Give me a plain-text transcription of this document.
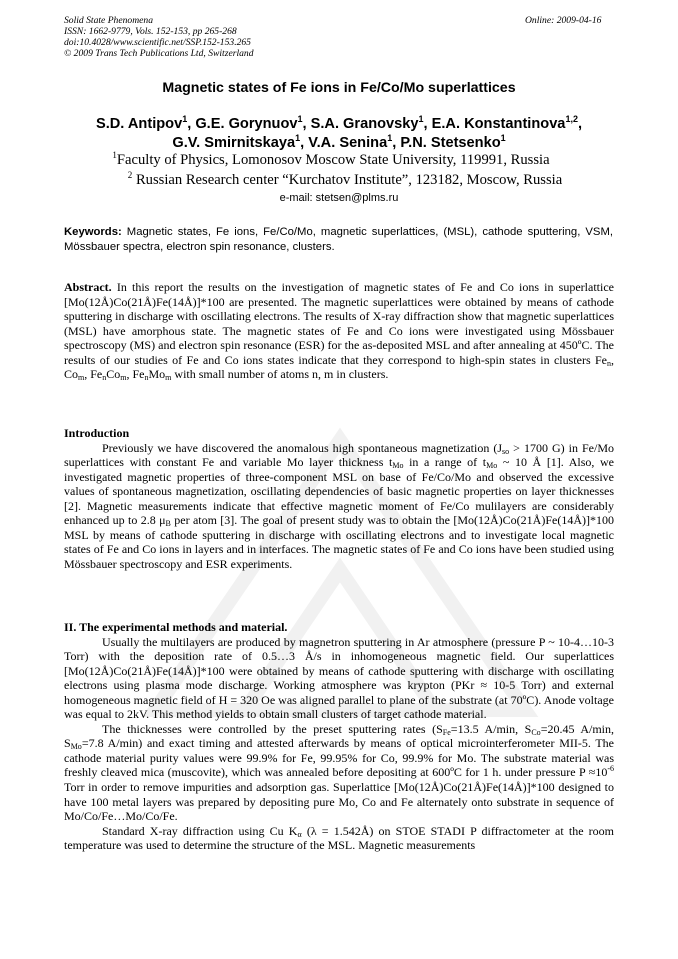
Solid State Phenomena
ISSN: 1662-9779, Vols. 152-153, pp 265-268
doi:10.4028/www.scientific.net/SSP.152-153.265
© 2009 Trans Tech Publications Ltd, Switzerland
Online: 2009-04-16
Magnetic states of Fe ions in Fe/Co/Mo superlattices
S.D. Antipov$^1$, G.E. Gorynuov$^1$, S.A. Granovsky$^1$, E.A. Konstantinova$^{1,2}$,
G.V. Smirnitskaya$^1$, V.A. Senina$^1$, P.N. Stetsenko$^1$
$^1$Faculty of Physics, Lomonosov Moscow State University, 119991, Russia
$^2$ Russian Research center “Kurchatov Institute”, 123182, Moscow, Russia
e-mail: stetsen@plms.ru
Keywords: Magnetic states, Fe ions, Fe/Co/Mo, magnetic superlattices, (MSL), cathode sputtering, VSM, Mössbauer spectra, electron spin resonance, clusters.

Abstract. In this report the results on the investigation of magnetic states of Fe and Co ions in superlattice [Mo(12Å)Co(21Å)Fe(14Å)]*100 are presented. The magnetic superlattices were obtained by means of cathode sputtering in discharge with oscillating electrons. The results of X-ray diffraction show that magnetic superlattices (MSL) have amorphous state. The magnetic states of Fe and Co ions were investigated using Mössbauer spectroscopy (MS) and electron spin resonance (ESR) for the as-deposited MSL and after annealing at 450ºC. The results of our studies of Fe and Co ions states indicate that they correspond to high-spin states in clusters $Fe_n$, $Co_m$, $Fe_nCo_m$, $Fe_nMo_m$ with small number of atoms n, m in clusters.

Introduction

Previously we have discovered the anomalous high spontaneous magnetization ($J_{so} > 1700$ G) in Fe/Mo superlattices with constant Fe and variable Mo layer thickness $t_{Mo}$ in a range of $t_{Mo}$ ~ 10 Å [1]. Also, we investigated magnetic properties of three-component MSL on base of Fe/Co/Mo and observed the excessive values of spontaneous magnetization, oscillating dependencies of basic magnetic properties on layer thicknesses [2]. Magnetic measurements indicate that effective magnetic moment of Fe/Co mulilayers are considerably enhanced up to 2.8 $\mu_B$ per atom [3]. The goal of present study was to obtain the [Mo(12Å)Co(21Å)Fe(14Å)]*100 MSL by means of cathode sputtering in discharge with oscillating electrons and to investigate local magnetic states of Fe and Co ions in layers and in interfaces. The magnetic states of Fe and Co ions have been studied using Mössbauer spectroscopy and ESR experiments.

II. The experimental methods and material.

Usually the multilayers are produced by magnetron sputtering in Ar atmosphere (pressure P ~ 10-4…10-3 Torr) with the deposition rate of 0.5…3 Å/s in inhomogeneous magnetic field. Our superlattices [Mo(12Å)Co(21Å)Fe(14Å)]*100 were obtained by means of cathode sputtering with discharge with oscillating electrons using plasma mode discharge. Working atmosphere was krypton (PKr ≈ 10-5 Torr) and external homogeneous magnetic field of H = 320 Oe was aligned parallel to plane of the substrate (at 70ºC). Anode voltage was equal to 2kV. This method yields to obtain small clusters of target cathode material.

The thicknesses were controlled by the preset sputtering rates ($S_{Fe}=13.5$ A/min, $S_{Co}=20.45$ A/min, $S_{Mo}=7.8$ A/min) and exact timing and attested afterwards by means of optical microinterferometer MII-5. The cathode material purity values were 99.9% for Fe, 99.95% for Co, 99.9% for Mo. The substrate material was freshly cleaved mica (muscovite), which was annealed before depositing at 600ºC for 1 h. under pressure $P \approx 10^{-6}$ Torr in order to remove impurities and adsorption gas. Superlattice [Mo(12Å)Co(21Å)Fe(14Å)]*100 designed to have 100 metal layers was prepared by depositing pure Mo, Co and Fe alternately onto substrate in sequence of Mo/Co/Fe…Mo/Co/Fe.

Standard X-ray diffraction using Cu $K_\alpha$ (λ = 1.542Å) on STOE STADI P diffractometer at the room temperature was used to determine the structure of the MSL. Magnetic measurements
